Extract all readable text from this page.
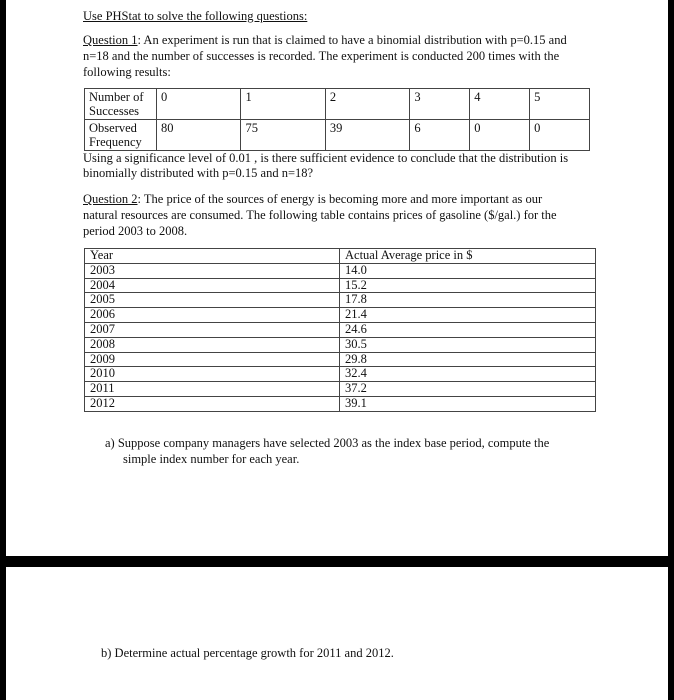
Use PHStat to solve the following questions:
Question 1: An experiment is run that is claimed to have a binomial distribution with p=0.15 and
n=18 and the number of successes is recorded. The experiment is conducted 200 times with the
following results:
Number of
Successes	0	1	2	3	4	5
Observed
Frequency	80	75	39	6	0	0
Using a significance level of 0.01 , is there sufficient evidence to conclude that the distribution is
binomially distributed with p=0.15 and n=18?
Question 2: The price of the sources of energy is becoming more and more important as our
natural resources are consumed. The following table contains prices of gasoline ($/gal.) for the
period 2003 to 2008.
Year	Actual Average price in $
2003	14.0
2004	15.2
2005	17.8
2006	21.4
2007	24.6
2008	30.5
2009	29.8
2010	32.4
2011	37.2
2012	39.1
a) Suppose company managers have selected 2003 as the index base period, compute the
simple index number for each year.
b) Determine actual percentage growth for 2011 and 2012.
